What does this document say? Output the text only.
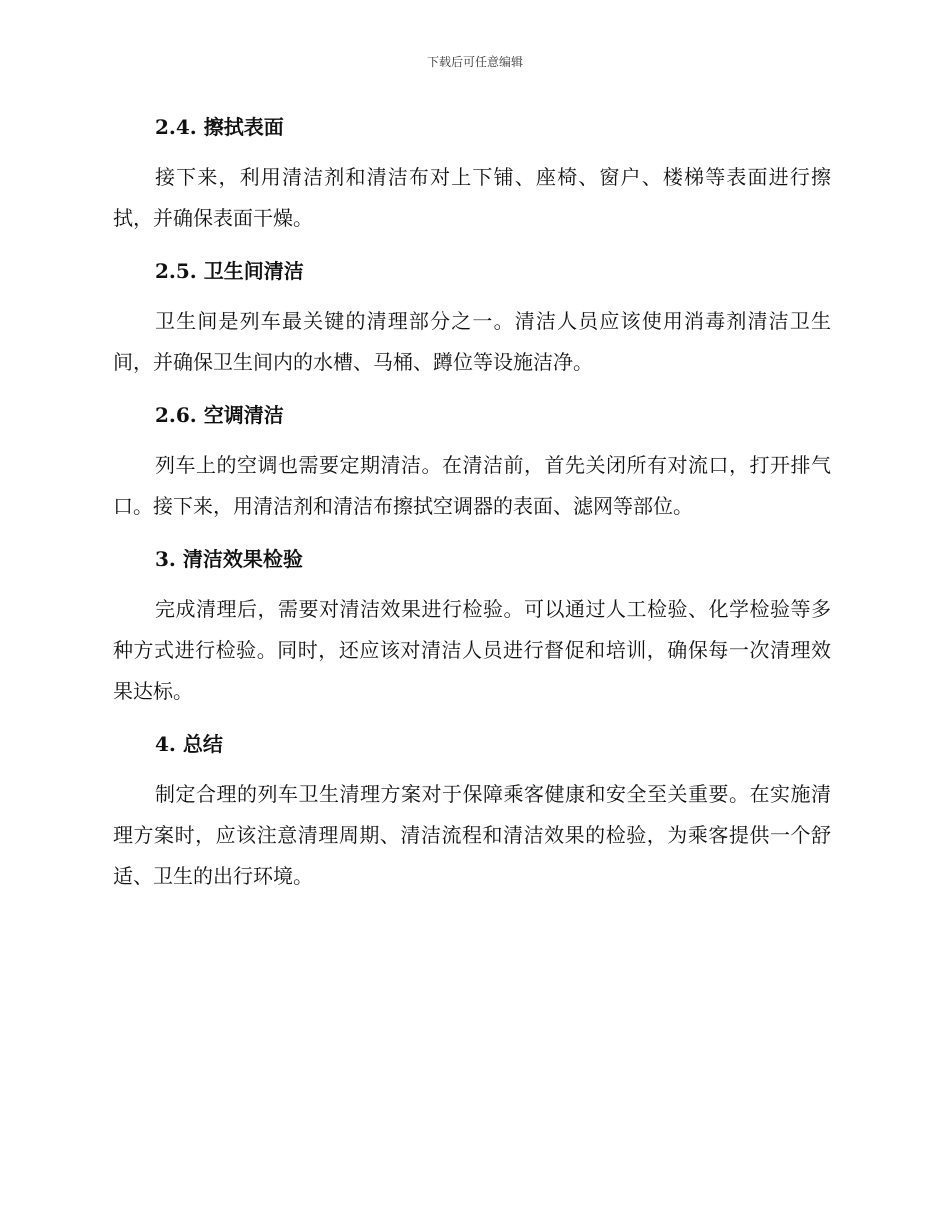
下载后可任意编辑
2.4. 擦拭表面

接下来，利用清洁剂和清洁布对上下铺、座椅、窗户、楼梯等表面进行擦拭，并确保表面干燥。

2.5. 卫生间清洁

卫生间是列车最关键的清理部分之一。清洁人员应该使用消毒剂清洁卫生间，并确保卫生间内的水槽、马桶、蹲位等设施洁净。

2.6. 空调清洁

列车上的空调也需要定期清洁。在清洁前，首先关闭所有对流口，打开排气口。接下来，用清洁剂和清洁布擦拭空调器的表面、滤网等部位。

3. 清洁效果检验

完成清理后，需要对清洁效果进行检验。可以通过人工检验、化学检验等多种方式进行检验。同时，还应该对清洁人员进行督促和培训，确保每一次清理效果达标。

4. 总结

制定合理的列车卫生清理方案对于保障乘客健康和安全至关重要。在实施清理方案时，应该注意清理周期、清洁流程和清洁效果的检验，为乘客提供一个舒适、卫生的出行环境。
